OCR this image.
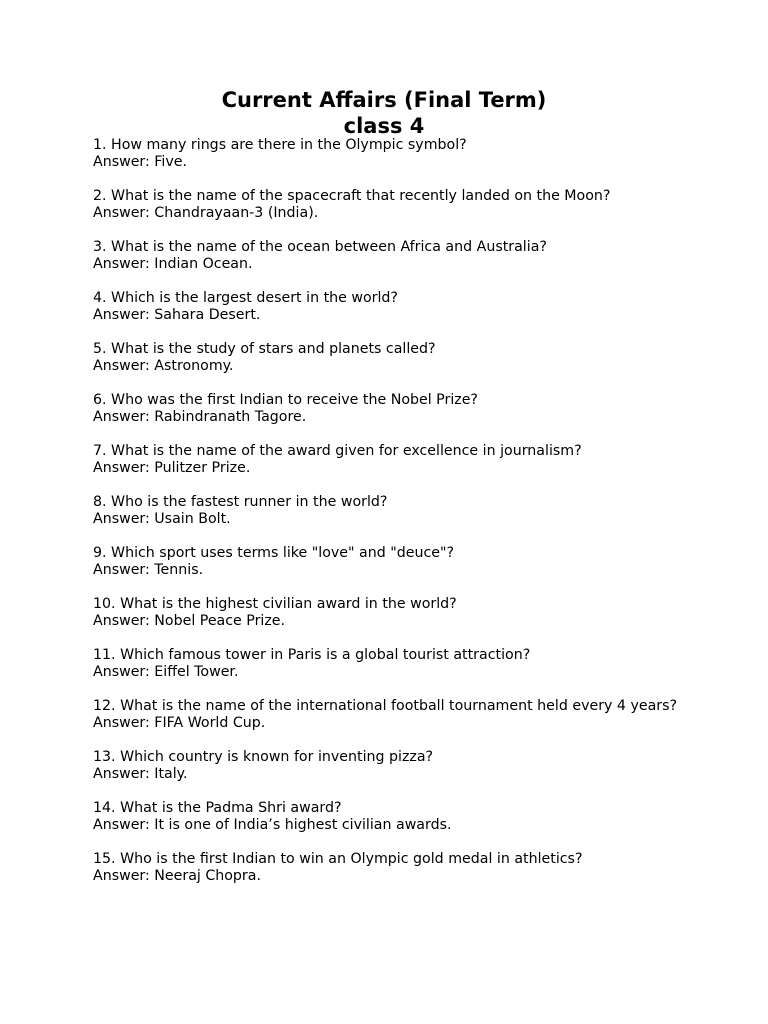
Current Affairs (Final Term)
class 4
1. How many rings are there in the Olympic symbol?
Answer: Five.
2. What is the name of the spacecraft that recently landed on the Moon?
Answer: Chandrayaan-3 (India).
3. What is the name of the ocean between Africa and Australia?
Answer: Indian Ocean.
4. Which is the largest desert in the world?
Answer: Sahara Desert.
5. What is the study of stars and planets called?
Answer: Astronomy.
6. Who was the first Indian to receive the Nobel Prize?
Answer: Rabindranath Tagore.
7. What is the name of the award given for excellence in journalism?
Answer: Pulitzer Prize.
8. Who is the fastest runner in the world?
Answer: Usain Bolt.
9. Which sport uses terms like "love" and "deuce"?
Answer: Tennis.
10. What is the highest civilian award in the world?
Answer: Nobel Peace Prize.
11. Which famous tower in Paris is a global tourist attraction?
Answer: Eiffel Tower.
12. What is the name of the international football tournament held every 4 years?
Answer: FIFA World Cup.
13. Which country is known for inventing pizza?
Answer: Italy.
14. What is the Padma Shri award?
Answer: It is one of India’s highest civilian awards.
15. Who is the first Indian to win an Olympic gold medal in athletics?
Answer: Neeraj Chopra.
